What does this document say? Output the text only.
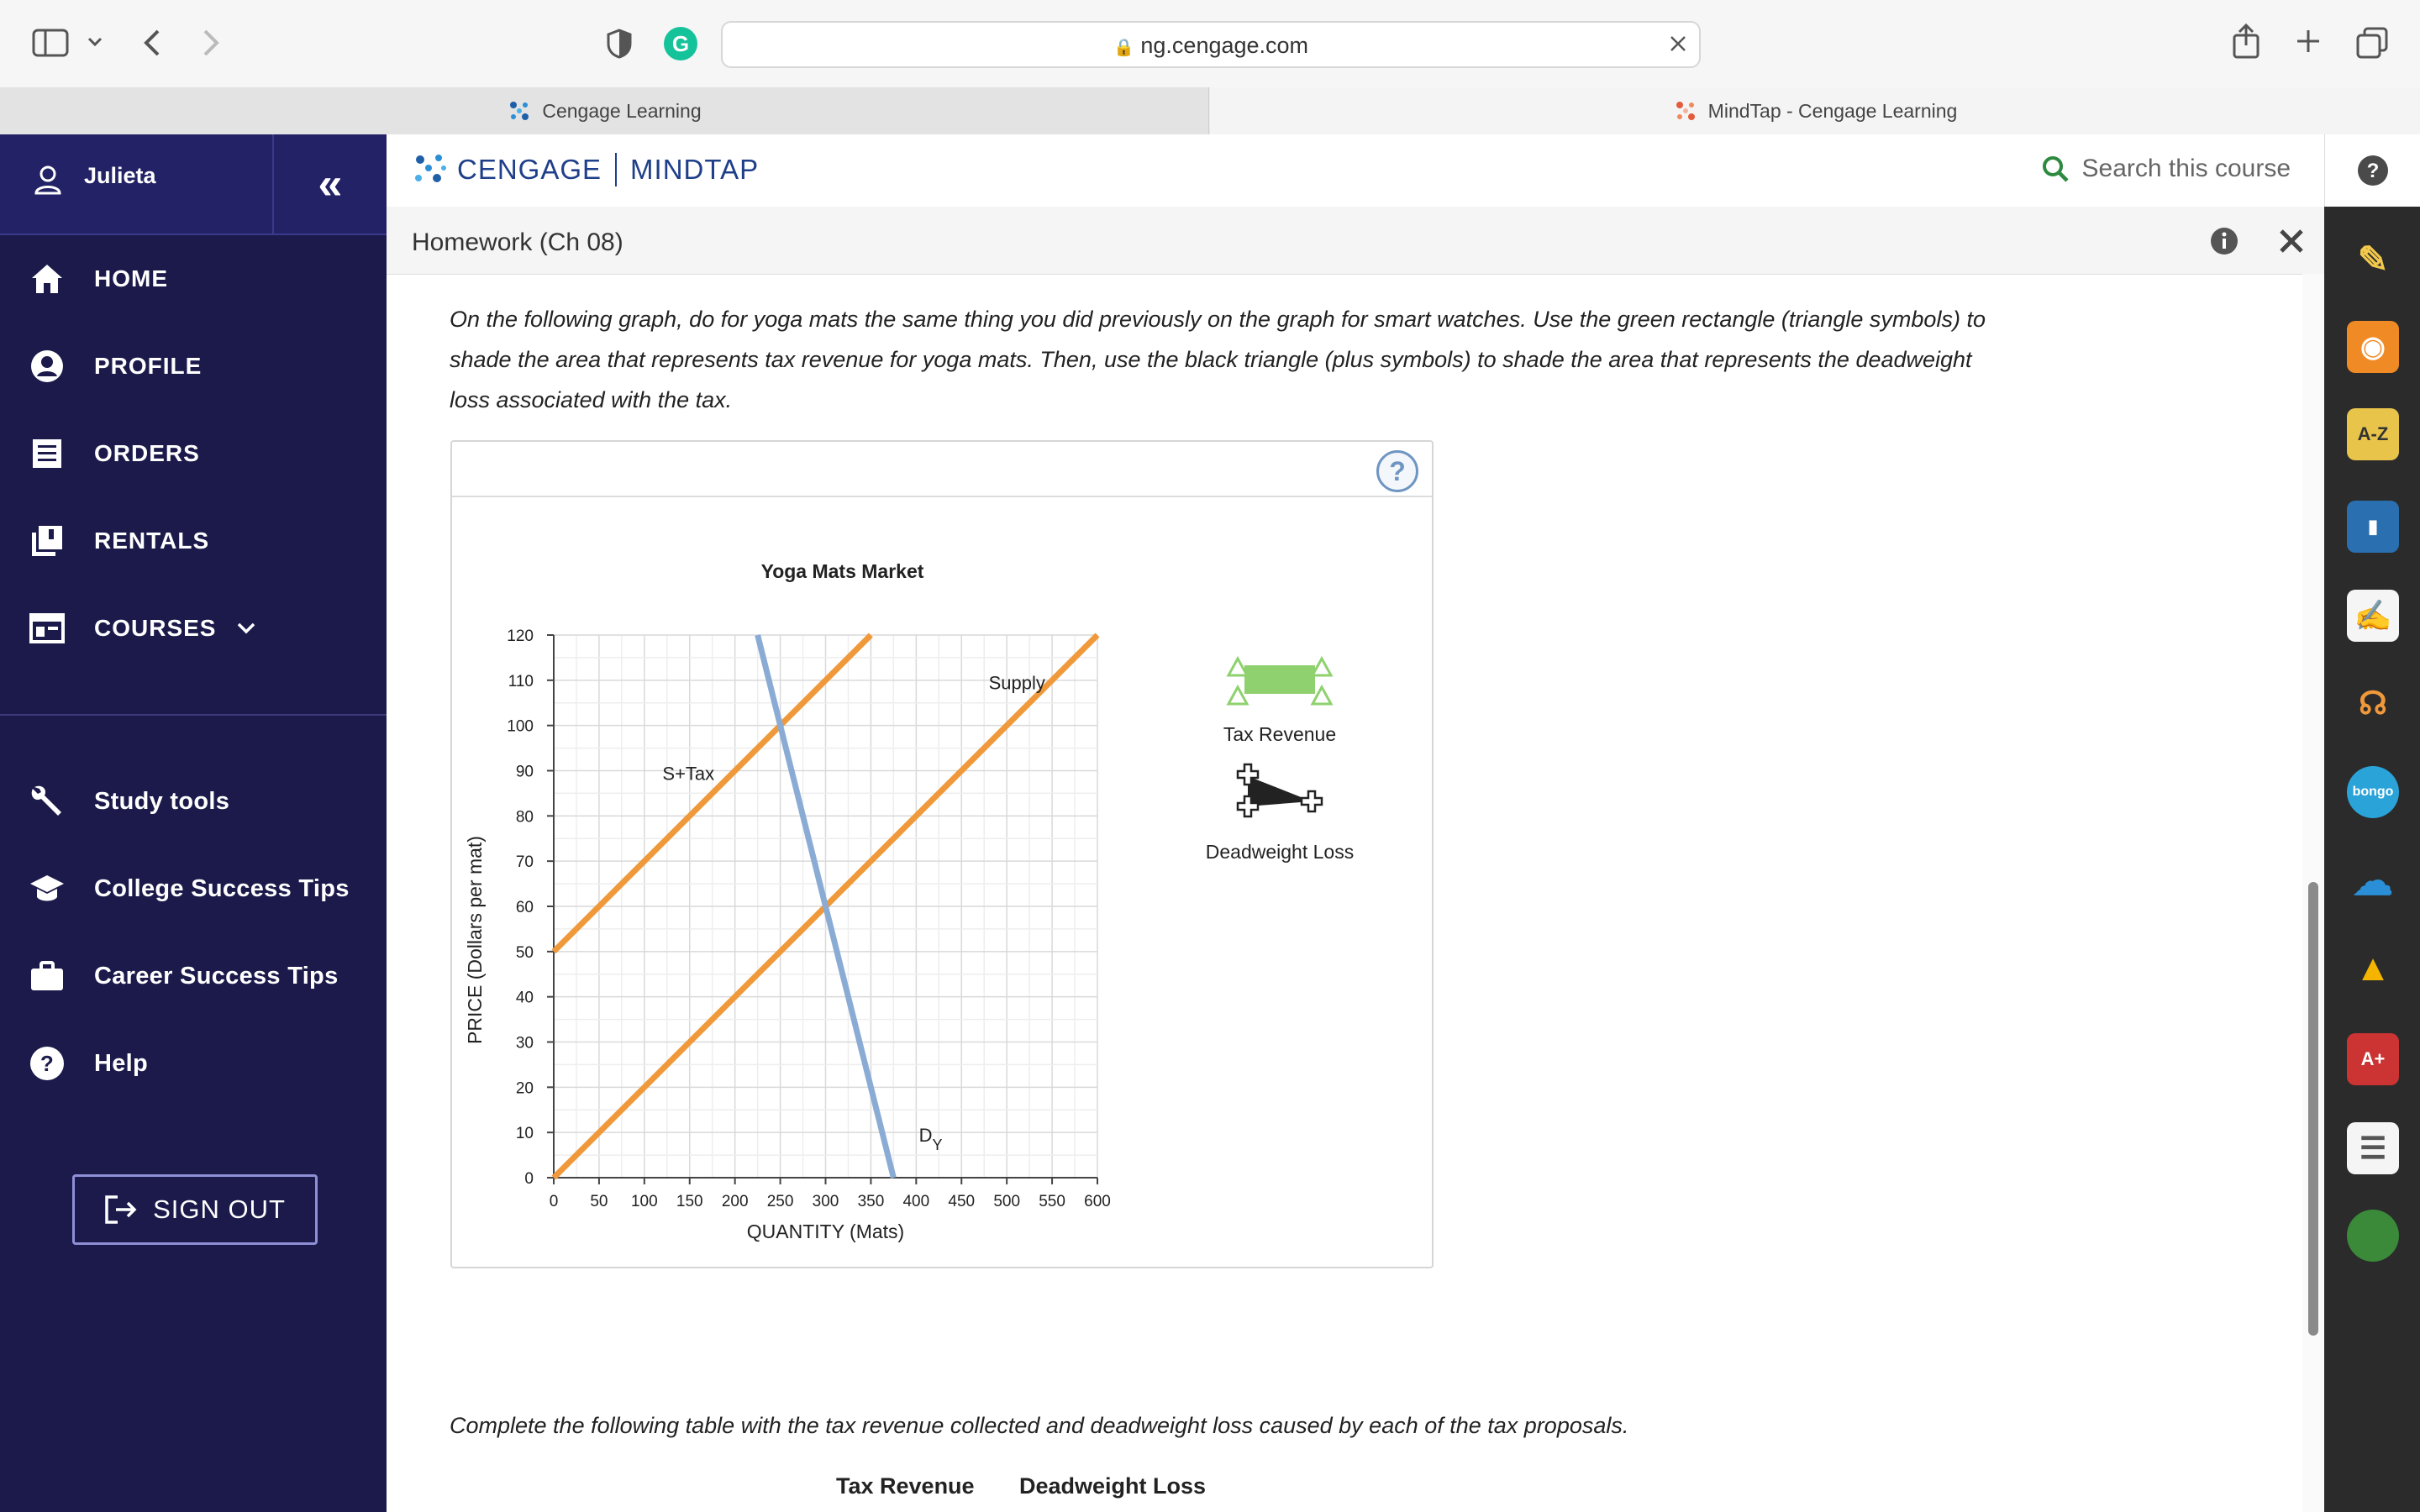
G	🔒 ng.cengage.com
Cengage Learning	MindTap - Cengage Learning
Julieta	«
HOME
PROFILE
ORDERS
RENTALS
COURSES
Study tools
College Success Tips
Career Success Tips
? Help
SIGN OUT
CENGAGE MINDTAP	Search this course	?
Homework (Ch 08)	✎
◉
A-Z
▮
✍
☊
bongo
☁
▲
A+
☰
On the following graph, do for yoga mats the same thing you did previously on the graph for smart watches. Use the green rectangle (triangle symbols) to shade the area that represents tax revenue for yoga mats. Then, use the black triangle (plus symbols) to shade the area that represents the deadweight loss associated with the tax.
?
0 50 100 150 200 250 300 350 400 450 500 550 600
0
10
20
30
40
50
60
70
80
90
100
110
120
Yoga Mats Market
QUANTITY (Mats)
PRICE (Dollars per mat)
Supply
S+Tax
$D_Y$
Tax Revenue
Deadweight Loss
Complete the following table with the tax revenue collected and deadweight loss caused by each of the tax proposals.
Tax Revenue Deadweight Loss
